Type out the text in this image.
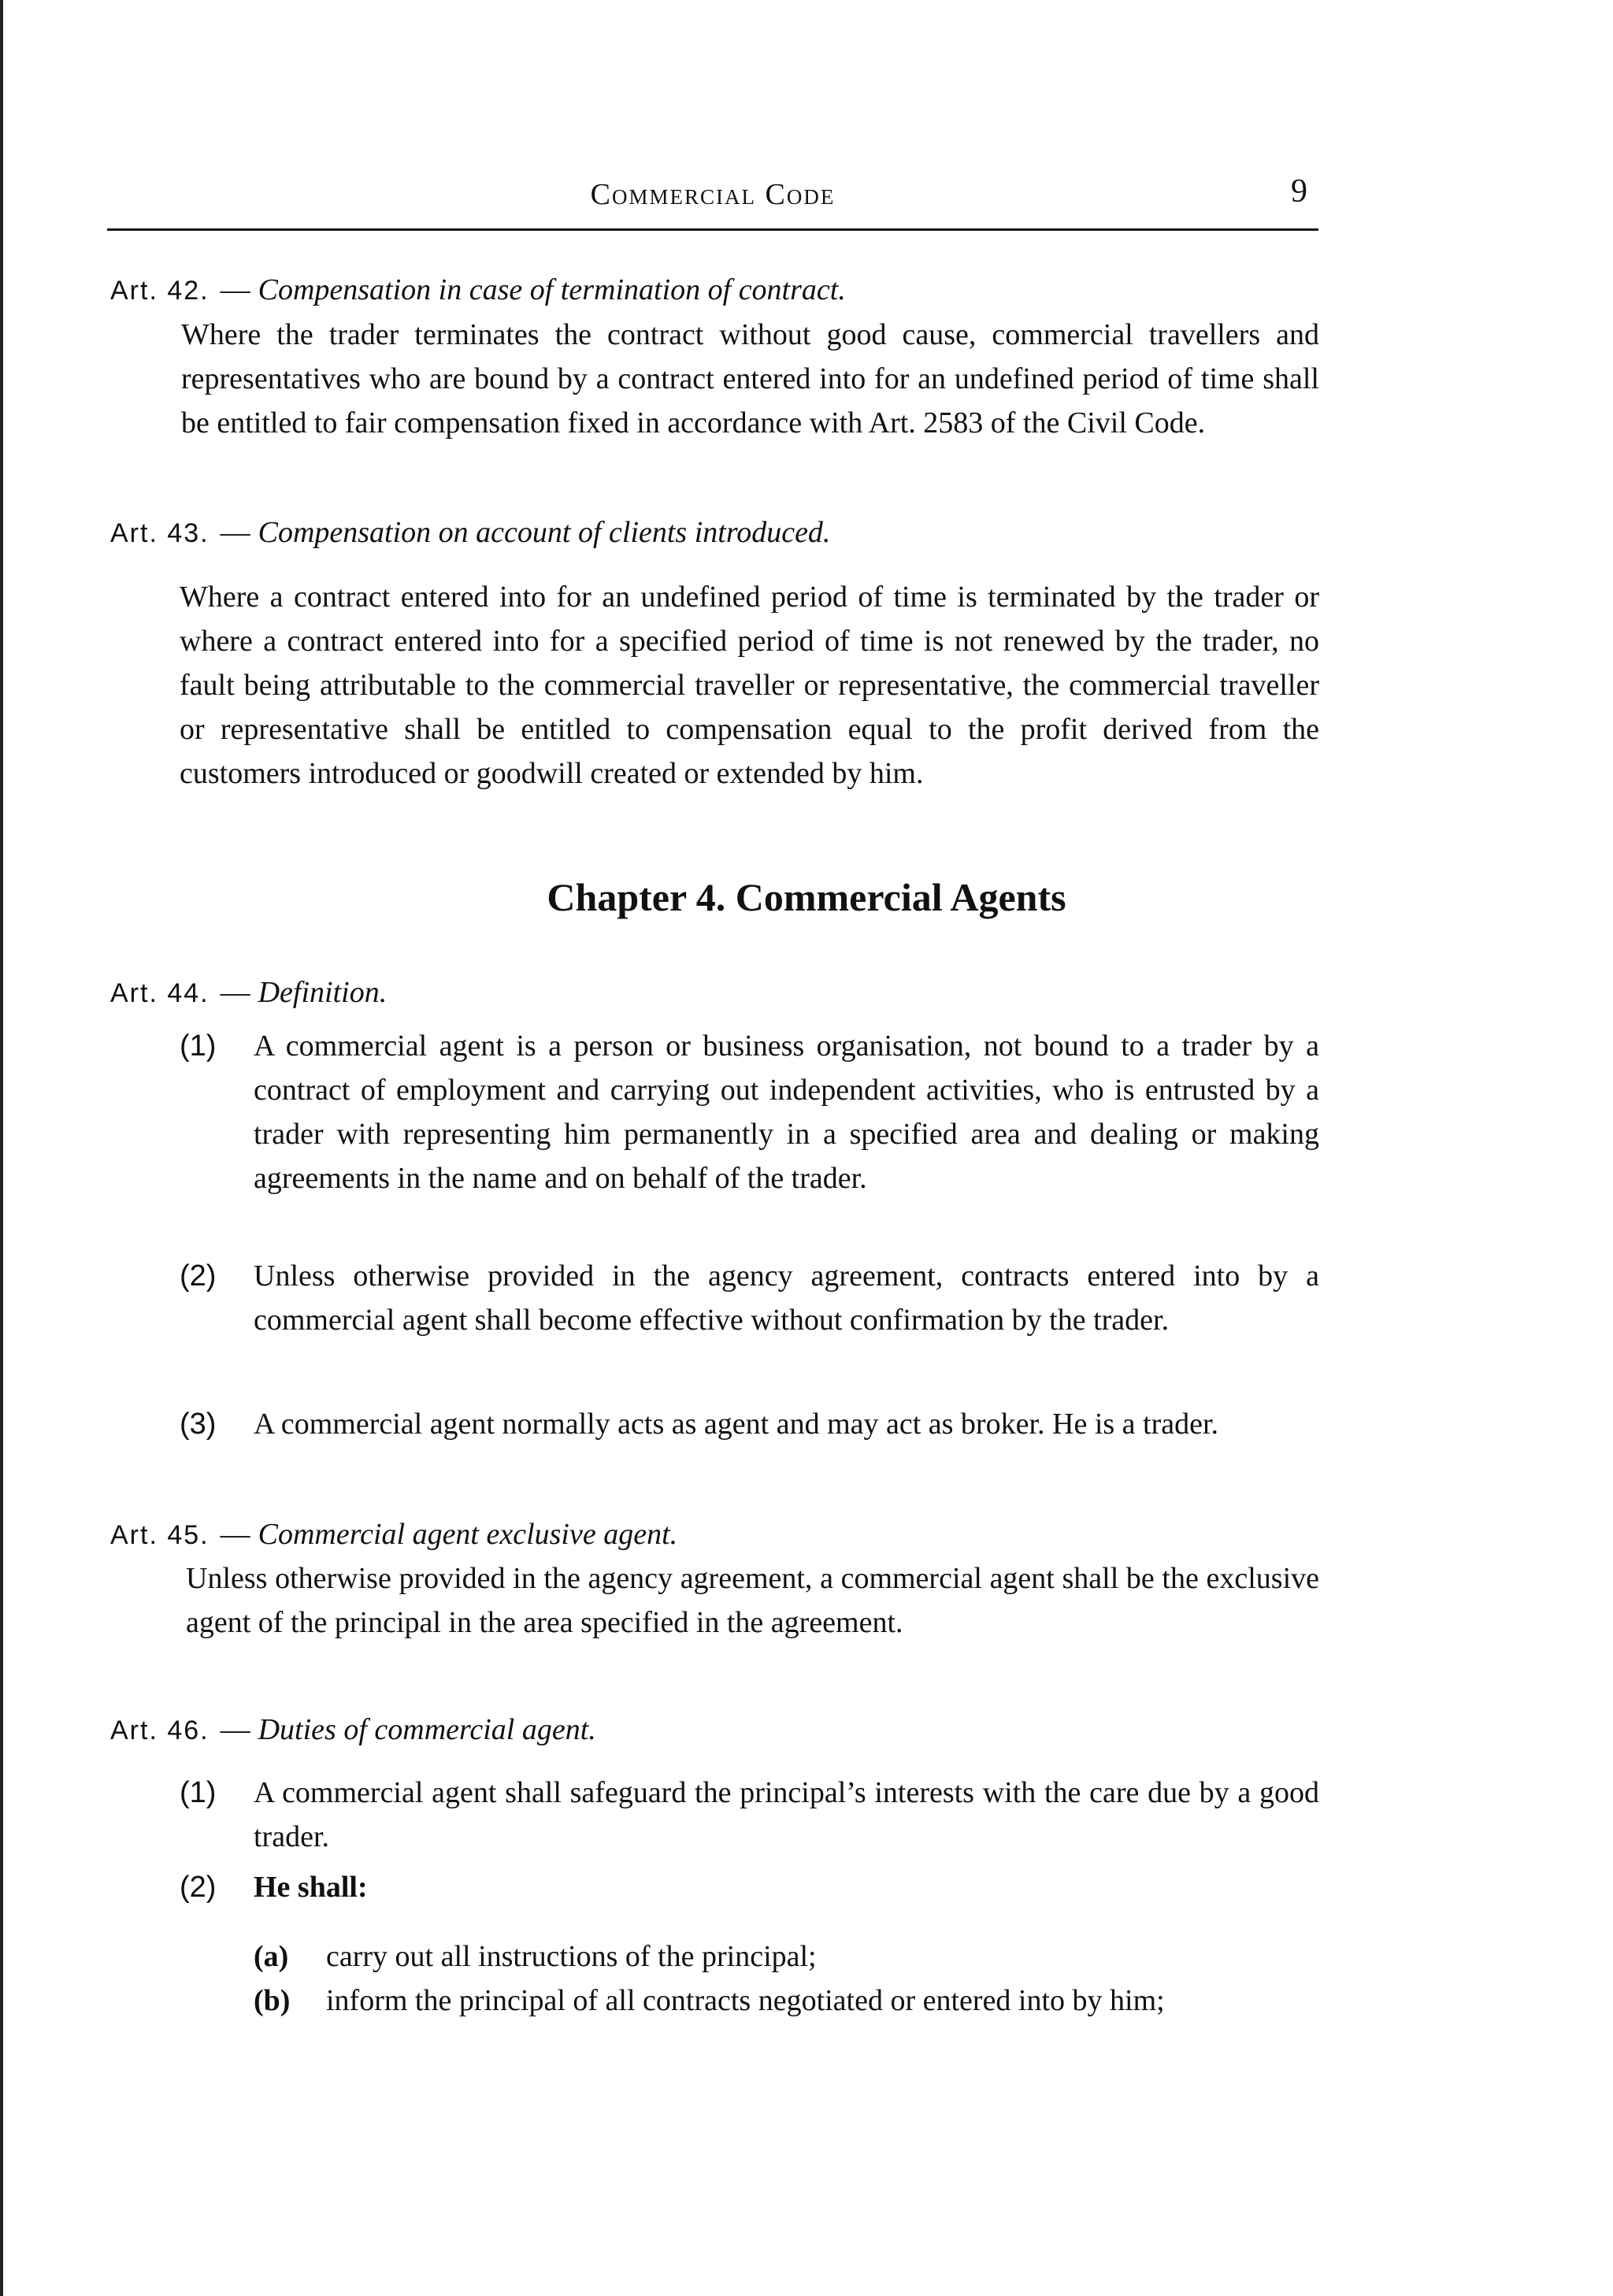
Commercial Code	9
Art. 42. — Compensation in case of termination of contract.
Where the trader terminates the contract without good cause, commercial travellers and representatives who are bound by a contract entered into for an undefined period of time shall be entitled to fair compensation fixed in accordance with Art. 2583 of the Civil Code.
Art. 43. — Compensation on account of clients introduced.
Where a contract entered into for an undefined period of time is terminated by the trader or where a contract entered into for a specified period of time is not renewed by the trader, no fault being attributable to the commercial traveller or representative, the commercial traveller or representative shall be entitled to compensation equal to the profit derived from the customers introduced or goodwill created or extended by him.
Chapter 4. Commercial Agents
Art. 44. — Definition.
(1) A commercial agent is a person or business organisation, not bound to a trader by a contract of employment and carrying out independent activities, who is entrusted by a trader with representing him permanently in a specified area and dealing or making agreements in the name and on behalf of the trader.
(2) Unless otherwise provided in the agency agreement, contracts entered into by a commercial agent shall become effective without confirmation by the trader.
(3) A commercial agent normally acts as agent and may act as broker. He is a trader.
Art. 45. — Commercial agent exclusive agent.
Unless otherwise provided in the agency agreement, a commercial agent shall be the exclusive agent of the principal in the area specified in the agreement.
Art. 46. — Duties of commercial agent.
(1) A commercial agent shall safeguard the principal’s interests with the care due by a good trader.
(2) He shall:
(a) carry out all instructions of the principal;
(b) inform the principal of all contracts negotiated or entered into by him;
